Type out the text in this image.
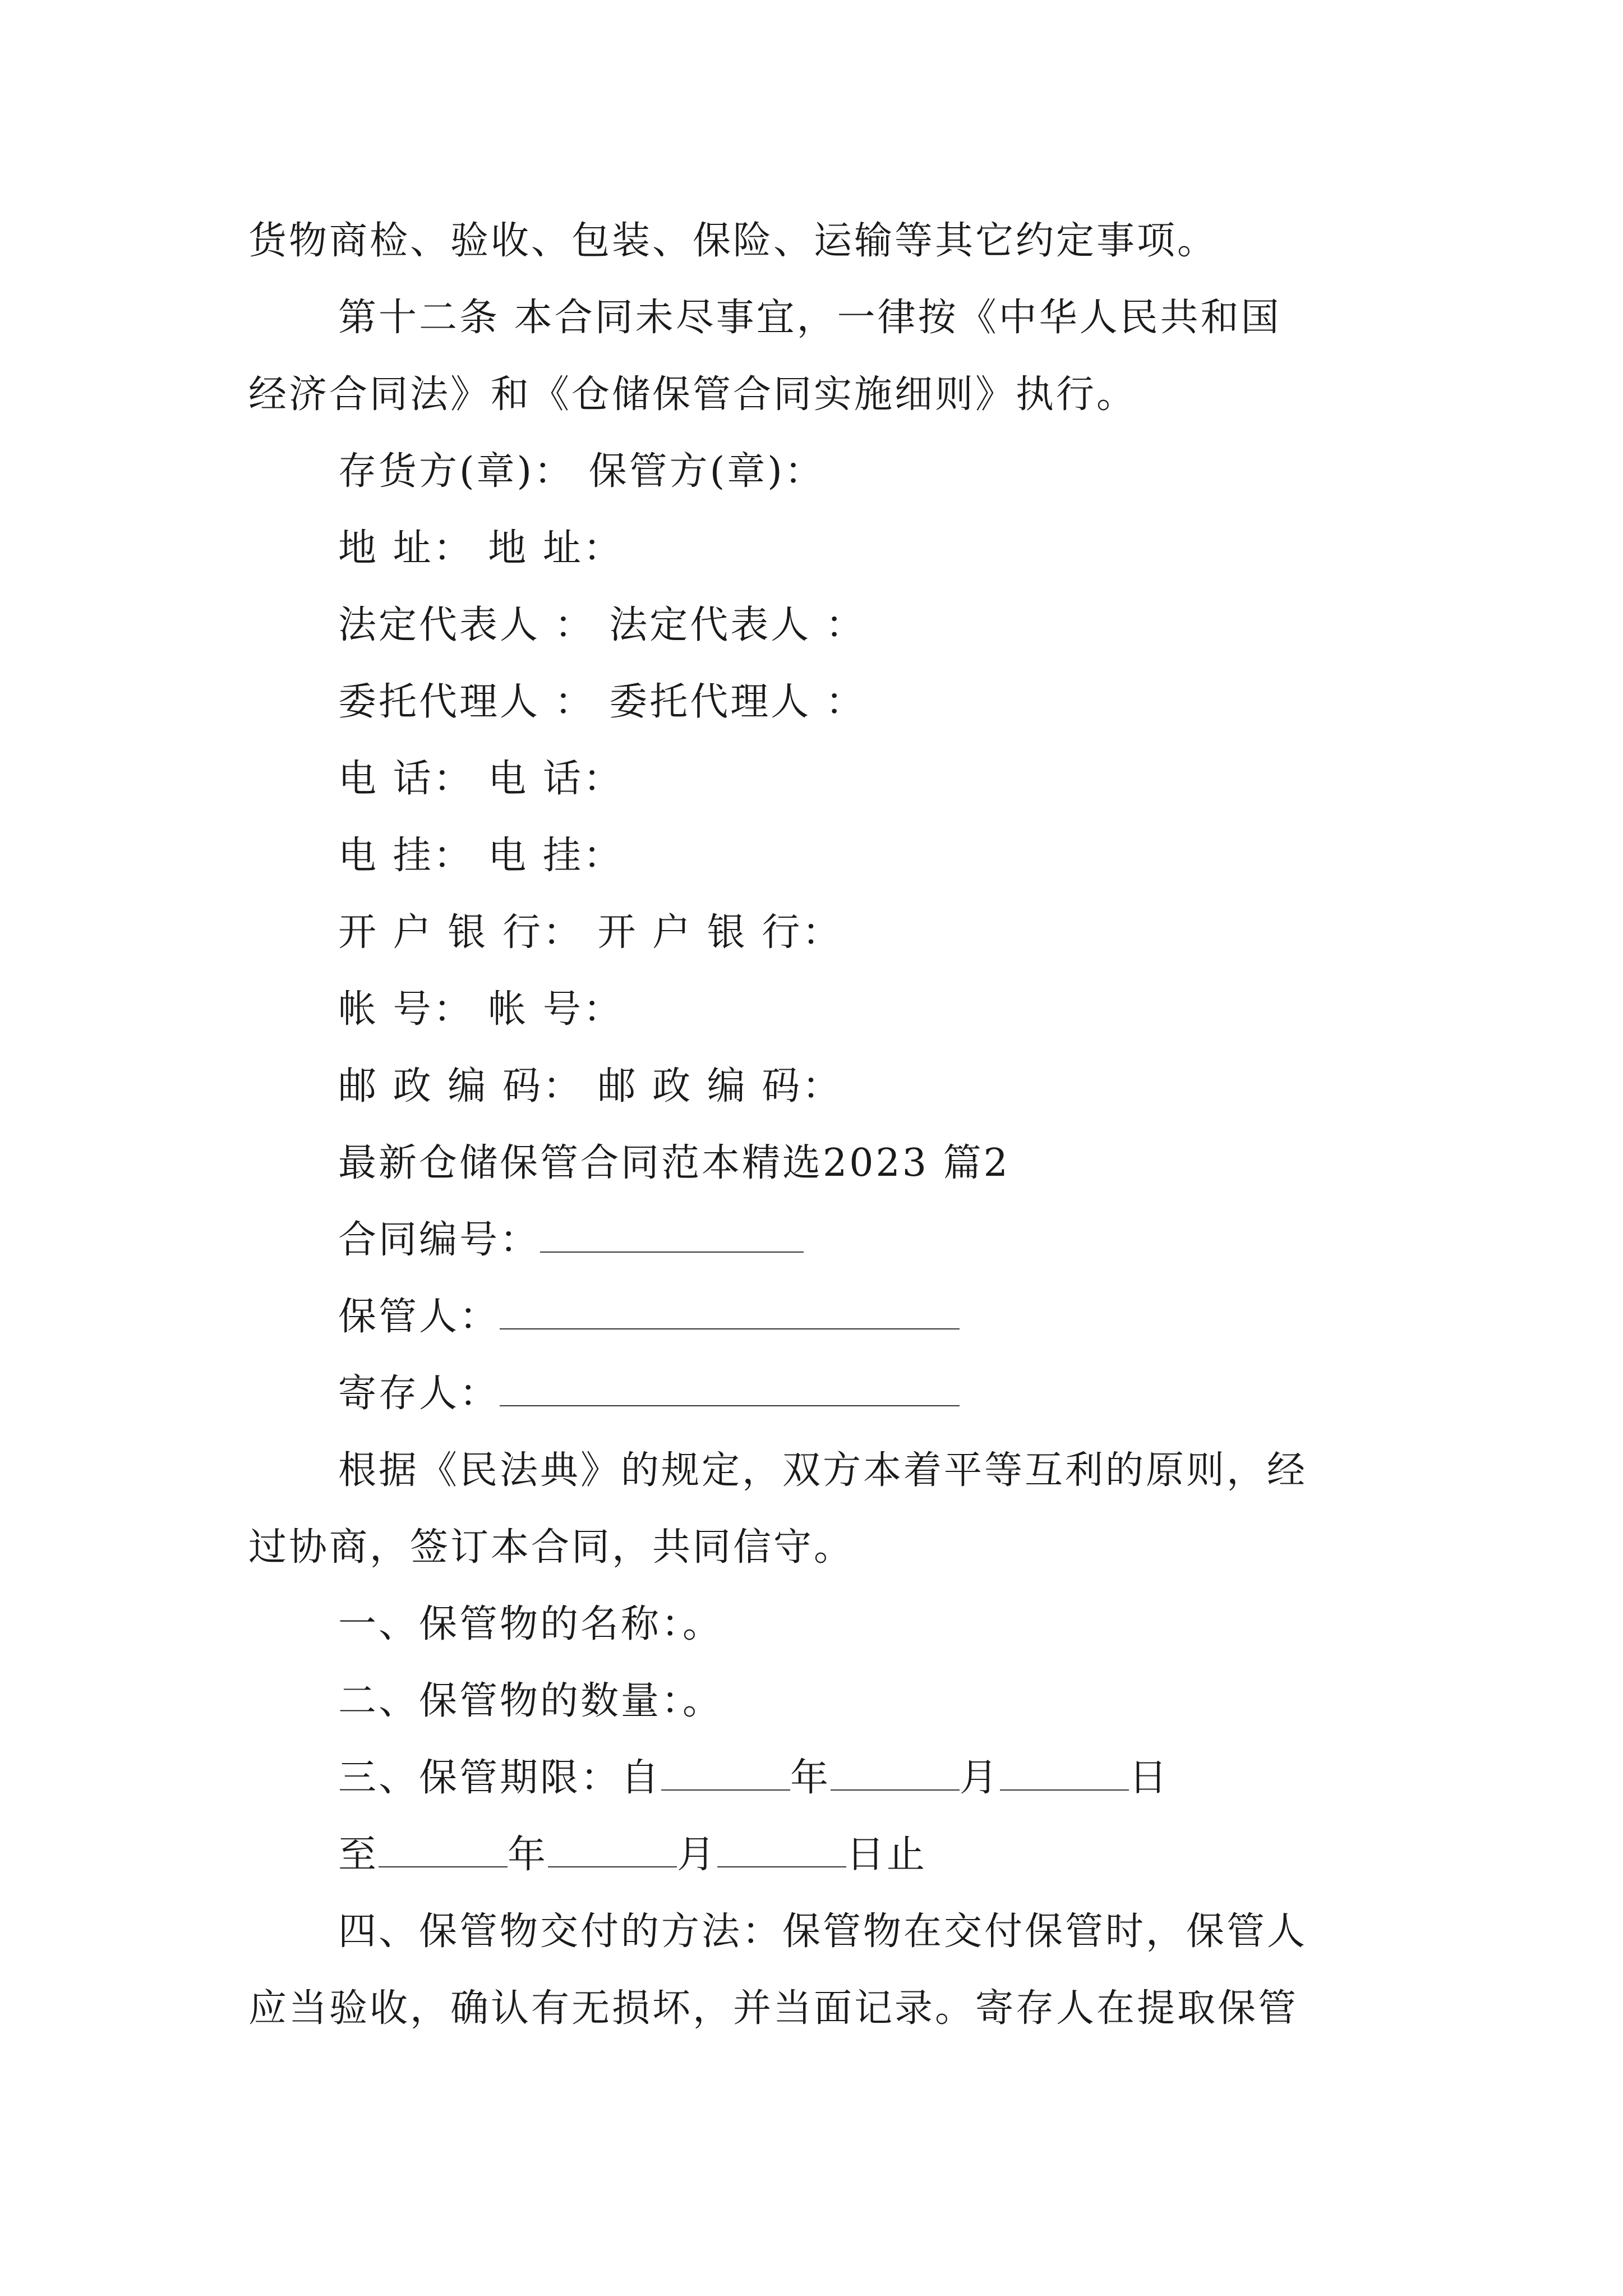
货物商检、验收、包装、保险、运输等其它约定事项。
第十二条 本合同未尽事宜，一律按《中华人民共和国
经济合同法》和《仓储保管合同实施细则》执行。
存货方(章)： 保管方(章)：
地 址： 地 址：
法定代表人 ： 法定代表人 ：
委托代理人 ： 委托代理人 ：
电 话： 电 话：
电 挂： 电 挂：
开 户 银 行： 开 户 银 行：
帐 号： 帐 号：
邮 政 编 码： 邮 政 编 码：
最新仓储保管合同范本精选2023 篇2
合同编号：
保管人：
寄存人：
根据《民法典》的规定，双方本着平等互利的原则，经
过协商，签订本合同，共同信守。
一、保管物的名称：。
二、保管物的数量：。
三、保管期限：自	年	月	日
至	年	月	日止
四、保管物交付的方法：保管物在交付保管时，保管人
应当验收，确认有无损坏，并当面记录。寄存人在提取保管
